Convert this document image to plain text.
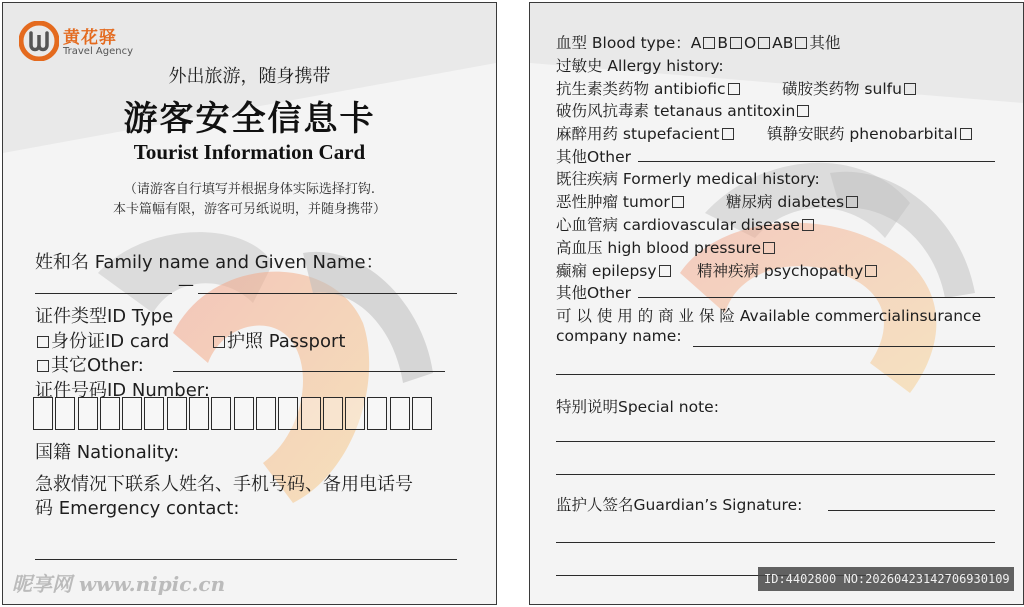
黄花驿
Travel Agency
外出旅游，随身携带
游客安全信息卡
Tourist Information Card
（请游客自行填写并根据身体实际选择打钩.
本卡篇幅有限，游客可另纸说明，并随身携带）
姓和名 Family name and Given Name：
—
证件类型ID Type
身份证ID card	护照 Passport
其它Other:
证件号码ID Number:
国籍 Nationality:
急救情况下联系人姓名、手机号码、备用电话号
码 Emergency contact:
血型 Blood type：A B O AB 其他
过敏史 Allergy history:
抗生素类药物 antibiofic	磺胺类药物 sulfu
破伤风抗毒素 tetanaus antitoxin
麻醉用药 stupefacient	镇静安眠药 phenobarbital
其他Other
既往疾病 Formerly medical history:
恶性肿瘤 tumor	糖尿病 diabetes
心血管病 cardiovascular disease
高血压 high blood pressure
癫痫 epilepsy	精神疾病 psychopathy
其他Other
可 以 使 用 的 商 业 保 险 Available commercialinsurance
company name:
特别说明Special note:
监护人签名Guardian’s Signature:
昵享网 www.nipic.cn	ID:4402800 NO:20260423142706930109
